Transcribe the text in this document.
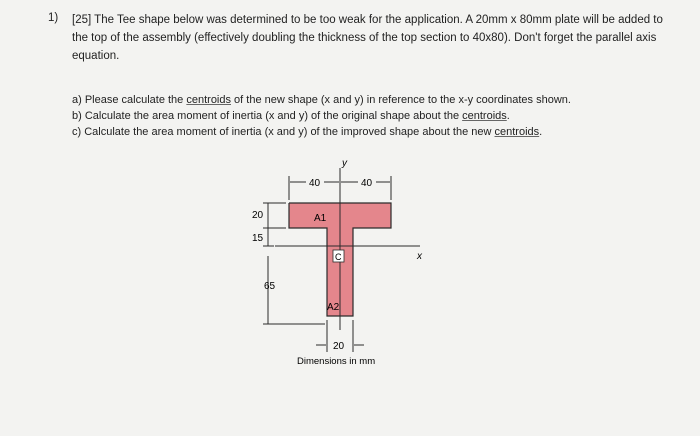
1) [25] The Tee shape below was determined to be too weak for the application. A 20mm x 80mm plate will be added to the top of the assembly (effectively doubling the thickness of the top section to 40x80). Don't forget the parallel axis equation.
a) Please calculate the centroids of the new shape (x and y) in reference to the x-y coordinates shown.
b) Calculate the area moment of inertia (x and y) of the original shape about the centroids.
c) Calculate the area moment of inertia (x and y) of the improved shape about the new centroids.
y
x
40	40
20
15
65
20
A1
A2
C
Dimensions in mm
